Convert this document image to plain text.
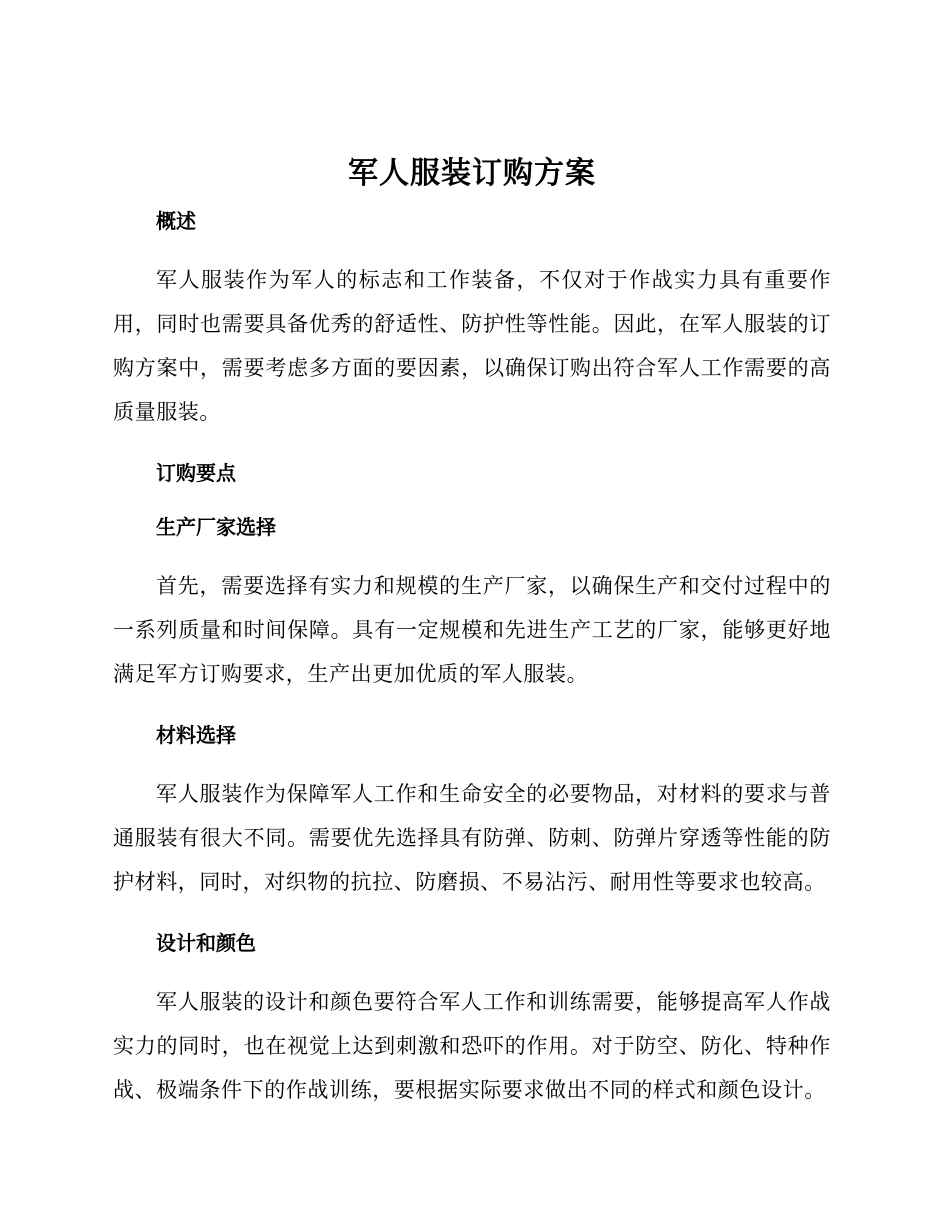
军人服装订购方案
概述

军人服装作为军人的标志和工作装备，不仅对于作战实力具有重要作用，同时也需要具备优秀的舒适性、防护性等性能。因此，在军人服装的订购方案中，需要考虑多方面的要因素，以确保订购出符合军人工作需要的高质量服装。

订购要点
生产厂家选择

首先，需要选择有实力和规模的生产厂家，以确保生产和交付过程中的一系列质量和时间保障。具有一定规模和先进生产工艺的厂家，能够更好地满足军方订购要求，生产出更加优质的军人服装。

材料选择

军人服装作为保障军人工作和生命安全的必要物品，对材料的要求与普通服装有很大不同。需要优先选择具有防弹、防刺、防弹片穿透等性能的防护材料，同时，对织物的抗拉、防磨损、不易沾污、耐用性等要求也较高。

设计和颜色

军人服装的设计和颜色要符合军人工作和训练需要，能够提高军人作战实力的同时，也在视觉上达到刺激和恐吓的作用。对于防空、防化、特种作战、极端条件下的作战训练，要根据实际要求做出不同的样式和颜色设计。
